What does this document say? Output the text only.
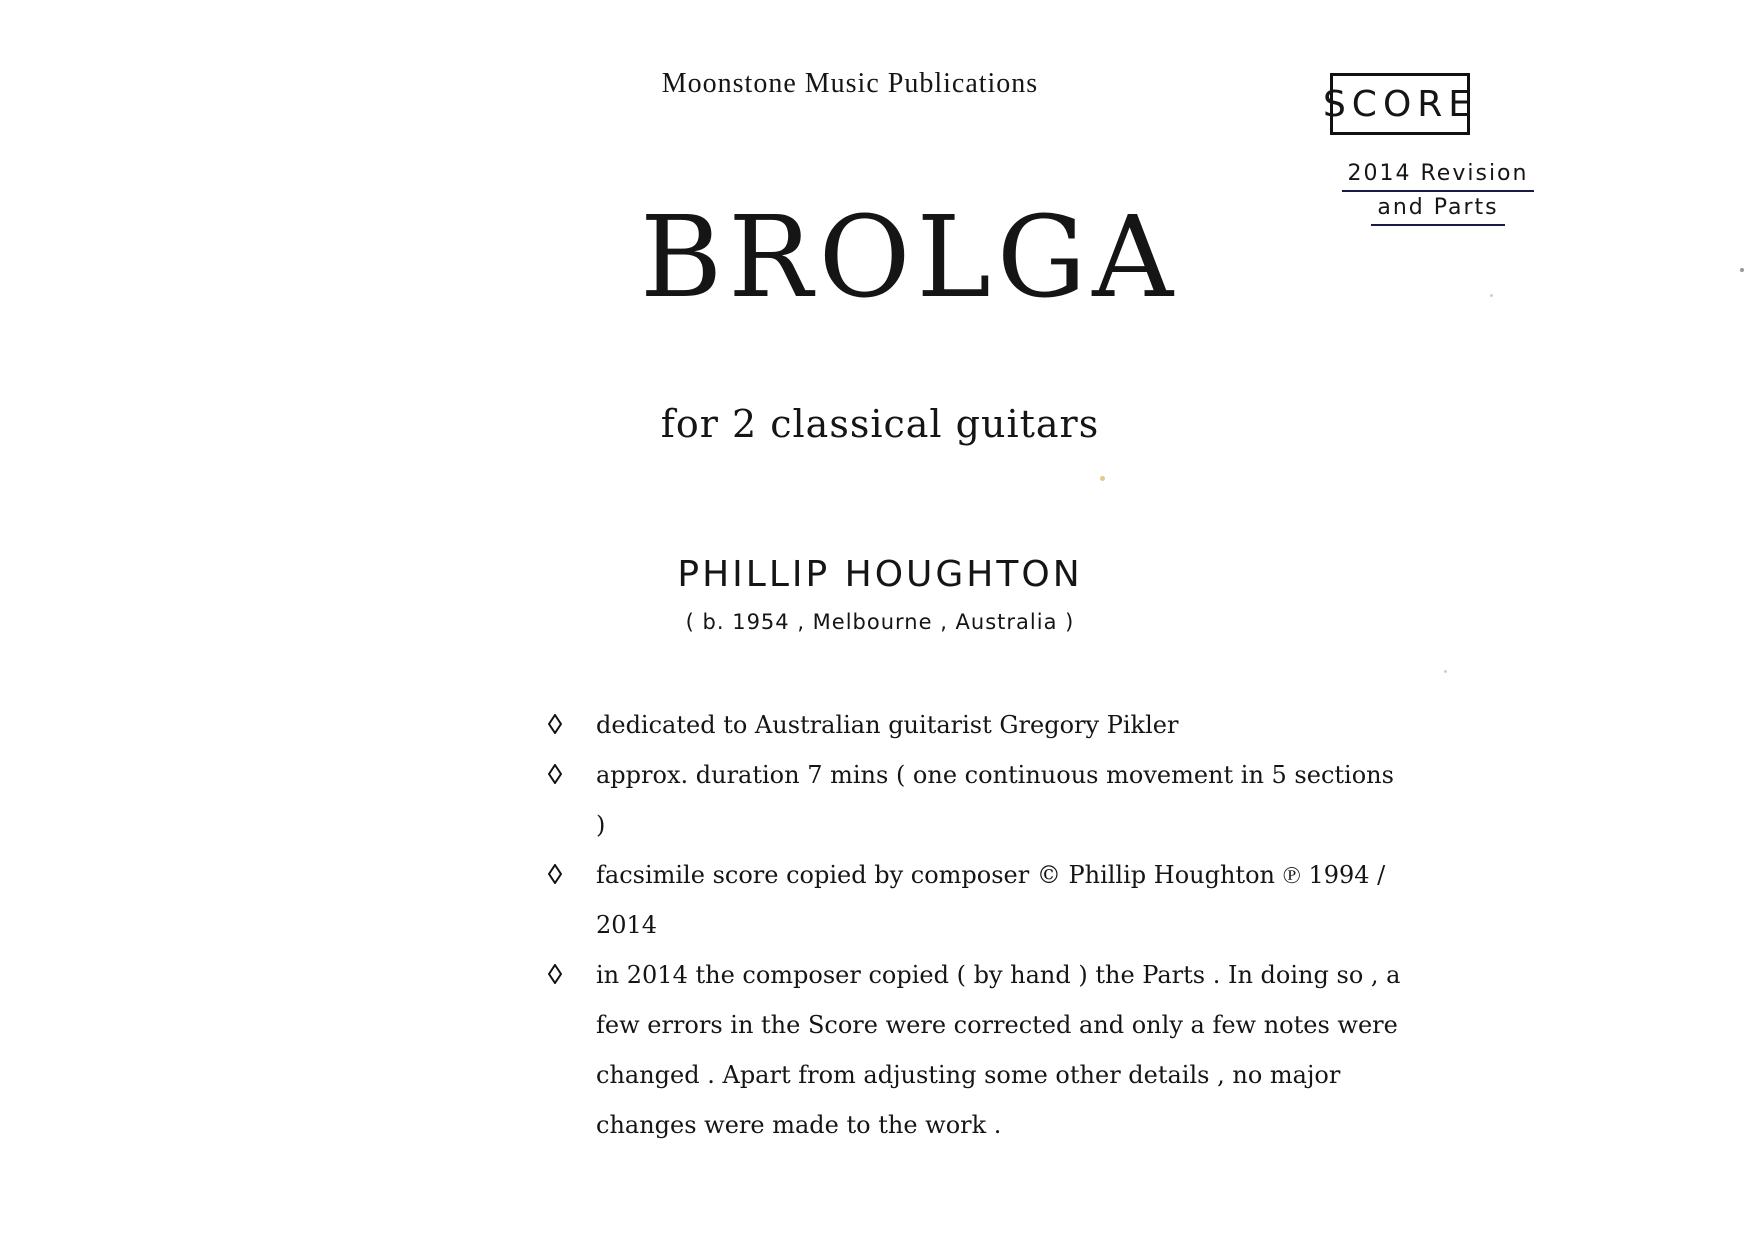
Moonstone Music Publications	SCORE
2014 Revision
and Parts
BROLGA
for 2 classical guitars
PHILLIP HOUGHTON
( b. 1954 , Melbourne , Australia )
dedicated to Australian guitarist Gregory Pikler
approx. duration 7 mins ( one continuous movement in 5 sections )
facsimile score copied by composer © Phillip Houghton ℗ 1994 / 2014
in 2014 the composer copied ( by hand ) the Parts . In doing so , a few errors in the Score were corrected and only a few notes were changed . Apart from adjusting some other details , no major changes were made to the work .
